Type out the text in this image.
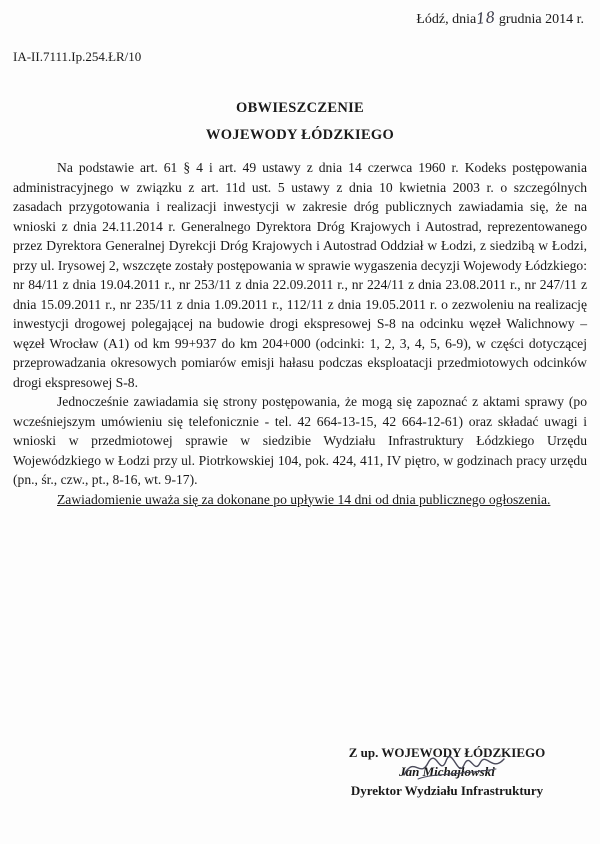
Łódź, dnia18 grudnia 2014 r.
IA-II.7111.Ip.254.ŁR/10
OBWIESZCZENIE
WOJEWODY ŁÓDZKIEGO

Na podstawie art. 61 § 4 i art. 49 ustawy z dnia 14 czerwca 1960 r. Kodeks postępowania administracyjnego w związku z art. 11d ust. 5 ustawy z dnia 10 kwietnia 2003 r. o szczególnych zasadach przygotowania i realizacji inwestycji w zakresie dróg publicznych zawiadamia się, że na wnioski z dnia 24.11.2014 r. Generalnego Dyrektora Dróg Krajowych i Autostrad, reprezentowanego przez Dyrektora Generalnej Dyrekcji Dróg Krajowych i Autostrad Oddział w Łodzi, z siedzibą w Łodzi, przy ul. Irysowej 2, wszczęte zostały postępowania w sprawie wygaszenia decyzji Wojewody Łódzkiego: nr 84/11 z dnia 19.04.2011 r., nr 253/11 z dnia 22.09.2011 r., nr 224/11 z dnia 23.08.2011 r., nr 247/11 z dnia 15.09.2011 r., nr 235/11 z dnia 1.09.2011 r., 112/11 z dnia 19.05.2011 r. o zezwoleniu na realizację inwestycji drogowej polegającej na budowie drogi ekspresowej S-8 na odcinku węzeł Walichnowy – węzeł Wrocław (A1) od km 99+937 do km 204+000 (odcinki: 1, 2, 3, 4, 5, 6-9), w części dotyczącej przeprowadzania okresowych pomiarów emisji hałasu podczas eksploatacji przedmiotowych odcinków drogi ekspresowej S-8.

Jednocześnie zawiadamia się strony postępowania, że mogą się zapoznać z aktami sprawy (po wcześniejszym umówieniu się telefonicznie - tel. 42 664-13-15, 42 664-12-61) oraz składać uwagi i wnioski w przedmiotowej sprawie w siedzibie Wydziału Infrastruktury Łódzkiego Urzędu Wojewódzkiego w Łodzi przy ul. Piotrkowskiej 104, pok. 424, 411, IV piętro, w godzinach pracy urzędu (pn., śr., czw., pt., 8-16, wt. 9-17).

Zawiadomienie uważa się za dokonane po upływie 14 dni od dnia publicznego ogłoszenia.

Z up. WOJEWODY ŁÓDZKIEGO
Jan Michajłowski
Dyrektor Wydziału Infrastruktury
